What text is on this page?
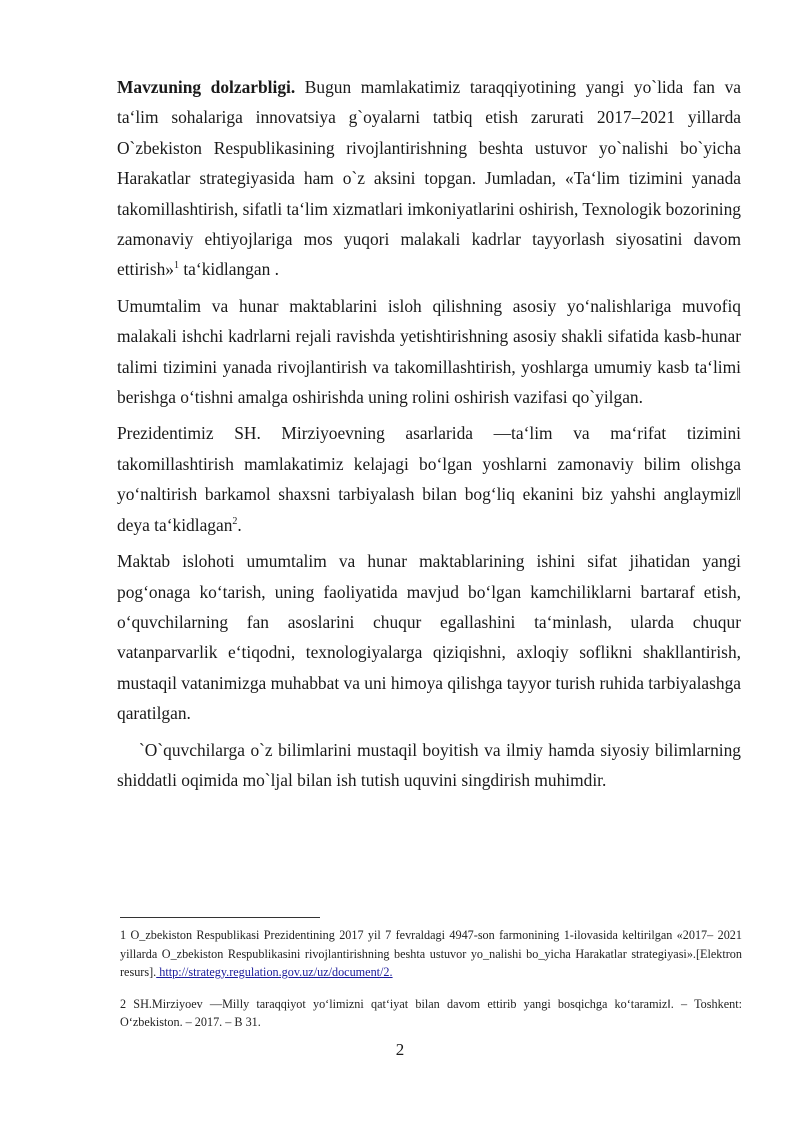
Mavzuning dolzarbligi. Bugun mamlakatimiz taraqqiyotining yangi yo`lida fan va ta‘lim sohalariga innovatsiya g`oyalarni tatbiq etish zarurati 2017–2021 yillarda O`zbekiston Respublikasining rivojlantirishning beshta ustuvor yo`nalishi bo`yicha Harakatlar strategiyasida ham o`z aksini topgan. Jumladan, «Ta‘lim tizimini yanada takomillashtirish, sifatli ta‘lim xizmatlari imkoniyatlarini oshirish, Texnologik bozorining zamonaviy ehtiyojlariga mos yuqori malakali kadrlar tayyorlash siyosatini davom ettirish»$^1$ ta‘kidlangan .

Umumtalim va hunar maktablarini isloh qilishning asosiy yo‘nalishlariga muvofiq malakali ishchi kadrlarni rejali ravishda yetishtirishning asosiy shakli sifatida kasb-hunar talimi tizimini yanada rivojlantirish va takomillashtirish, yoshlarga umumiy kasb ta‘limi berishga o‘tishni amalga oshirishda uning rolini oshirish vazifasi qo`yilgan.

Prezidentimiz SH. Mirziyoevning asarlarida ―ta‘lim va ma‘rifat tizimini takomillashtirish mamlakatimiz kelajagi bo‘lgan yoshlarni zamonaviy bilim olishga yo‘naltirish barkamol shaxsni tarbiyalash bilan bog‘liq ekanini biz yahshi anglaymiz‖ deya ta‘kidlagan$^2$.

Maktab islohoti umumtalim va hunar maktablarining ishini sifat jihatidan yangi pog‘onaga ko‘tarish, uning faoliyatida mavjud bo‘lgan kamchiliklarni bartaraf etish, o‘quvchilarning fan asoslarini chuqur egallashini ta‘minlash, ularda chuqur vatanparvarlik e‘tiqodni, texnologiyalarga qiziqishni, axloqiy soflikni shakllantirish, mustaqil vatanimizga muhabbat va uni himoya qilishga tayyor turish ruhida tarbiyalashga qaratilgan.

`O`quvchilarga o`z bilimlarini mustaqil boyitish va ilmiy hamda siyosiy bilimlarning shiddatli oqimida mo`ljal bilan ish tutish uquvini singdirish muhimdir.

1 O_zbekiston Respublikasi Prezidentining 2017 yil 7 fevraldagi 4947-son farmonining 1-ilovasida keltirilgan «2017– 2021 yillarda O_zbekiston Respublikasini rivojlantirishning beshta ustuvor yo_nalishi bo_yicha Harakatlar strategiyasi».[Elektron resurs]. http://strategy.regulation.gov.uz/uz/document/2.

2 SH.Mirziyoev ―Milly taraqqiyot yo‘limizni qat‘iyat bilan davom ettirib yangi bosqichga ko‘taramiz‖. – Toshkent: O‘zbekiston. – 2017. – B 31.

2
